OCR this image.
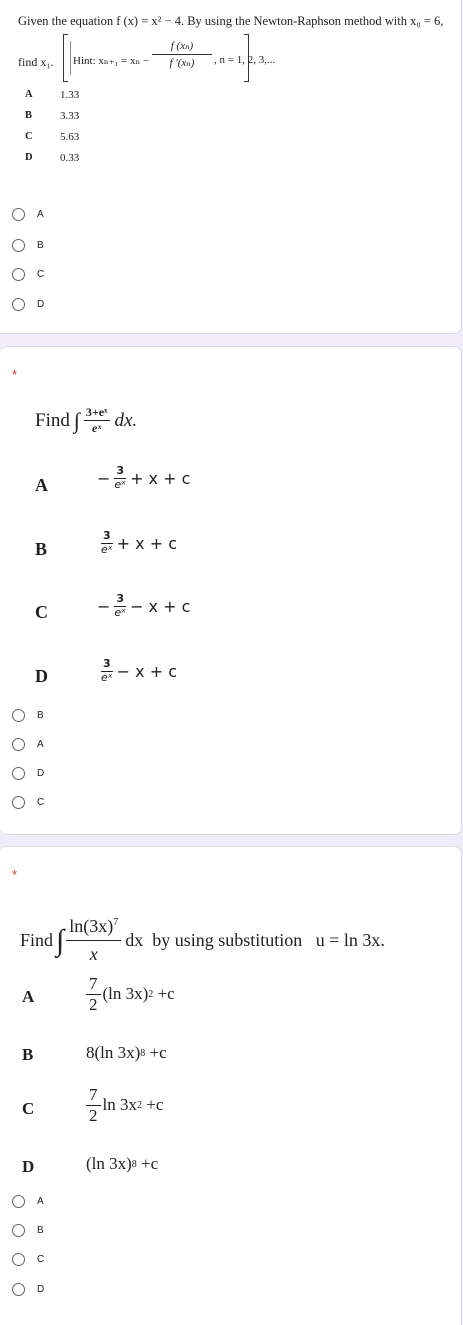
Given the equation f (x) = x² − 4. By using the Newton-Raphson method with x₀ = 6,
find x₁. Hint: $x_{n+1} = x_n - \frac{\text{f (xₙ)}}{\text{f ′(xₙ)}}$ , n = 1, 2, 3,...
A 1.33
B	3.33
C 5.63
D 0.33
A
B
C
D
*
Find ∫ $\frac{\text{3+eˣ}}{\text{eˣ}}$ dx.
A	− $\frac{3}{\text{eˣ}} + x + c$
B	$\frac{3}{\text{eˣ}} + x + c$
C	− $\frac{3}{\text{eˣ}} - x + c$
D	$\frac{3}{\text{eˣ}} - x + c$
B
A
D
C
*
Find ∫ $\frac{\ln(3x)^7}{x}$ dx  by using substitution   u = ln 3x.
A	$\frac{7}{2} (\ln$ 3x) 2 +c
B	8(ln 3x) 8 +c
C	$\frac{7}{2}$ ln 3x 2 +c
D	(ln 3x) 8 +c
A
B
C
D
